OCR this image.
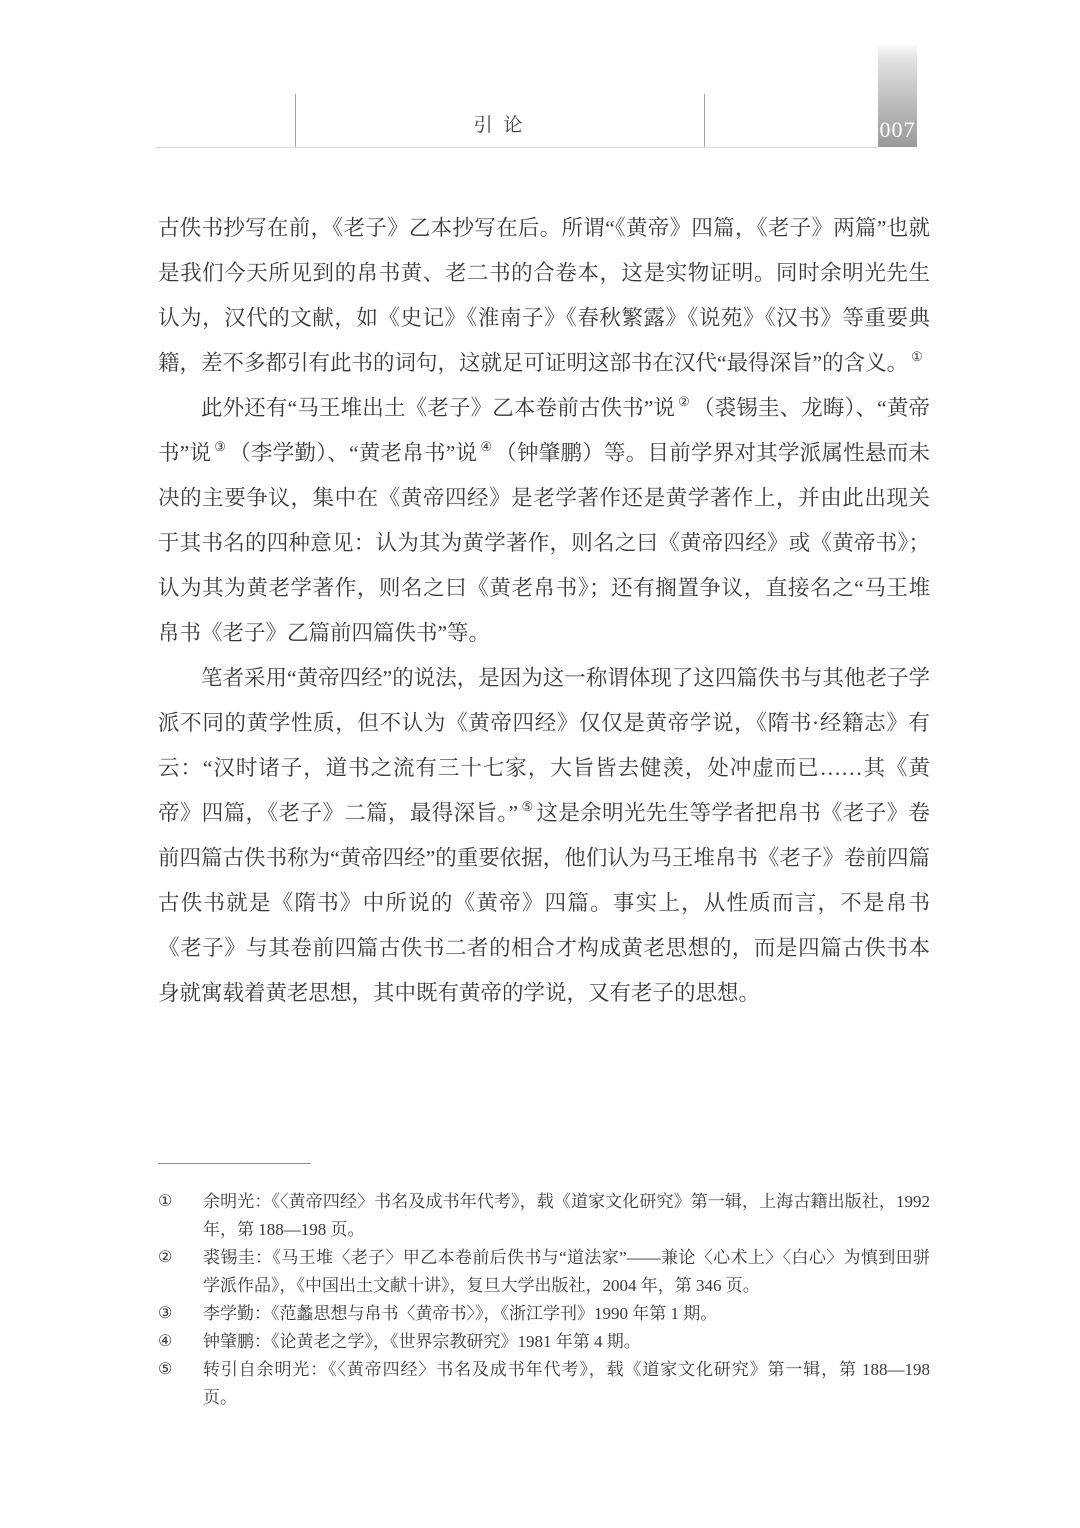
引 论	007

古佚书抄写在前，《老子》乙本抄写在后。所谓“《黄帝》四篇，《老子》两篇”也就是我们今天所见到的帛书黄、老二书的合卷本，这是实物证明。同时余明光先生认为，汉代的文献，如《史记》《淮南子》《春秋繁露》《说苑》《汉书》等重要典籍，差不多都引有此书的词句，这就足可证明这部书在汉代“最得深旨”的含义。 ①

此外还有“马王堆出土《老子》乙本卷前古佚书”说 ② （裘锡圭、龙晦）、“黄帝书”说 ③ （李学勤）、“黄老帛书”说 ④ （钟肇鹏）等。目前学界对其学派属性悬而未决的主要争议，集中在《黄帝四经》是老学著作还是黄学著作上，并由此出现关于其书名的四种意见：认为其为黄学著作，则名之曰《黄帝四经》或《黄帝书》；认为其为黄老学著作，则名之曰《黄老帛书》；还有搁置争议，直接名之“马王堆帛书《老子》乙篇前四篇佚书”等。

笔者采用“黄帝四经”的说法，是因为这一称谓体现了这四篇佚书与其他老子学派不同的黄学性质，但不认为《黄帝四经》仅仅是黄帝学说，《隋书·经籍志》有云：“汉时诸子，道书之流有三十七家，大旨皆去健羡，处冲虚而已……其《黄帝》四篇，《老子》二篇，最得深旨。” ⑤ 这是余明光先生等学者把帛书《老子》卷前四篇古佚书称为“黄帝四经”的重要依据，他们认为马王堆帛书《老子》卷前四篇古佚书就是《隋书》中所说的《黄帝》四篇。事实上，从性质而言，不是帛书《老子》与其卷前四篇古佚书二者的相合才构成黄老思想的，而是四篇古佚书本身就寓载着黄老思想，其中既有黄帝的学说，又有老子的思想。

①	余明光：《〈黄帝四经〉书名及成书年代考》，载《道家文化研究》第一辑，上海古籍出版社，1992 年，第 188—198 页。
②	裘锡圭：《马王堆〈老子〉甲乙本卷前后佚书与“道法家”——兼论〈心术上〉〈白心〉为慎到田骈学派作品》，《中国出土文献十讲》，复旦大学出版社，2004 年，第 346 页。
③	李学勤：《范蠡思想与帛书〈黄帝书〉》，《浙江学刊》1990 年第 1 期。
④	钟肇鹏：《论黄老之学》，《世界宗教研究》1981 年第 4 期。
⑤	转引自余明光：《〈黄帝四经〉书名及成书年代考》，载《道家文化研究》第一辑，第 188—198 页。
